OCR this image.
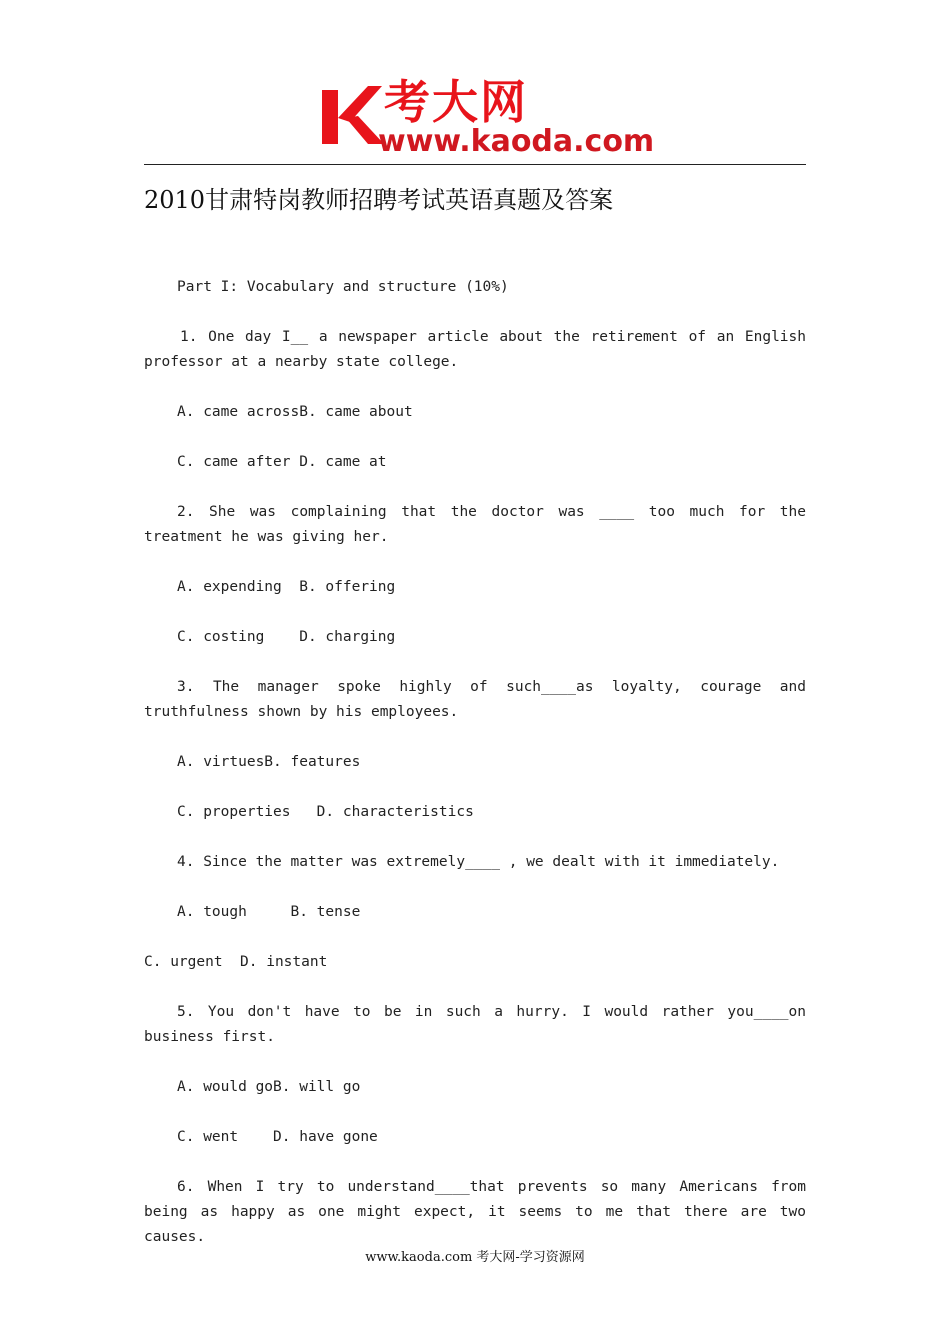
考大网
www.kaoda.com
2010甘肃特岗教师招聘考试英语真题及答案

Part I: Vocabulary and structure (10%)

1. One day I__ a newspaper article about the retirement of an English professor at a nearby state college.

A. came acrossB. came about

C. came after D. came at

2. She was complaining that the doctor was ____ too much for the treatment he was giving her.

A. expending  B. offering

C. costing    D. charging

3. The manager spoke highly of such____as loyalty, courage and truthfulness shown by his employees.

A. virtuesB. features

C. properties   D. characteristics

4. Since the matter was extremely____ , we dealt with it immediately.

A. tough     B. tense

C. urgent  D. instant

5. You don't have to be in such a hurry. I would rather you____on business first.

A. would goB. will go

C. went    D. have gone

6. When I try to understand____that prevents so many Americans from being as happy as one might expect, it seems to me that there are two causes.

www.kaoda.com 考大网-学习资源网
